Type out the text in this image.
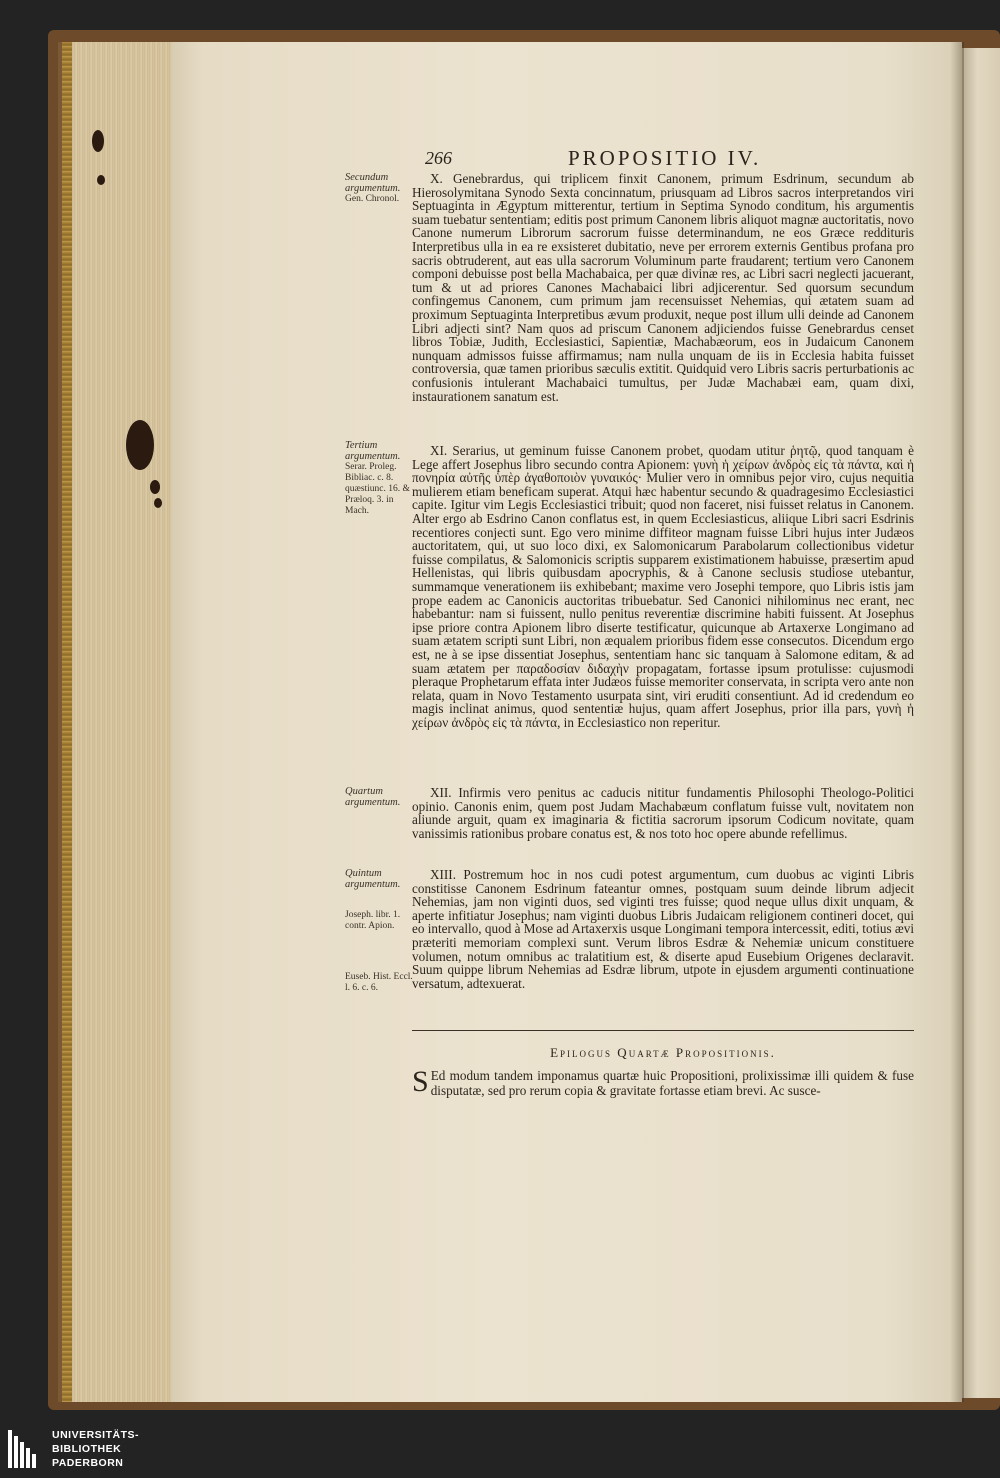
266	PROPOSITIO IV.
Secundum argumentum.
Gen. Chronol.
Tertium argumentum.
Serar. Proleg. Bibliac. c. 8. quæstiunc. 16. & Præloq. 3. in Mach.
Quartum argumentum.
Quintum argumentum.
Joseph. libr. 1. contr. Apion.
Euseb. Hist. Eccl. l. 6. c. 6.

X. Genebrardus, qui triplicem finxit Canonem, primum Esdrinum, secundum ab Hierosolymitana Synodo Sexta concinnatum, priusquam ad Libros sacros interpretandos viri Septuaginta in Ægyptum mitterentur, tertium in Septima Synodo conditum, his argumentis suam tuebatur sententiam; editis post primum Canonem libris aliquot magnæ auctoritatis, novo Canone numerum Librorum sacrorum fuisse determinandum, ne eos Græce reddituris Interpretibus ulla in ea re exsisteret dubitatio, neve per errorem externis Gentibus profana pro sacris obtruderent, aut eas ulla sacrorum Voluminum parte fraudarent; tertium vero Canonem componi debuisse post bella Machabaica, per quæ divinæ res, ac Libri sacri neglecti jacuerant, tum & ut ad priores Canones Machabaici libri adjicerentur. Sed quorsum secundum confingemus Canonem, cum primum jam recensuisset Nehemias, qui ætatem suam ad proximum Septuaginta Interpretibus ævum produxit, neque post illum ulli deinde ad Canonem Libri adjecti sint? Nam quos ad priscum Canonem adjiciendos fuisse Genebrardus censet libros Tobiæ, Judith, Ecclesiastici, Sapientiæ, Machabæorum, eos in Judaicum Canonem nunquam admissos fuisse affirmamus; nam nulla unquam de iis in Ecclesia habita fuisset controversia, quæ tamen prioribus sæculis extitit. Quidquid vero Libris sacris perturbationis ac confusionis intulerant Machabaici tumultus, per Judæ Machabæi eam, quam dixi, instaurationem sanatum est.

XI. Serarius, ut geminum fuisse Canonem probet, quodam utitur ῥητῷ, quod tanquam è Lege affert Josephus libro secundo contra Apionem: γυνὴ ἡ χείρων ἀνδρὸς εἰς τὰ πάντα, καὶ ἡ πονηρία αὐτῆς ὑπὲρ ἀγαθοποιὸν γυναικός· Mulier vero in omnibus pejor viro, cujus nequitia mulierem etiam beneficam superat. Atqui hæc habentur secundo & quadragesimo Ecclesiastici capite. Igitur vim Legis Ecclesiastici tribuit; quod non faceret, nisi fuisset relatus in Canonem. Alter ergo ab Esdrino Canon conflatus est, in quem Ecclesiasticus, aliique Libri sacri Esdrinis recentiores conjecti sunt. Ego vero minime diffiteor magnam fuisse Libri hujus inter Judæos auctoritatem, qui, ut suo loco dixi, ex Salomonicarum Parabolarum collectionibus videtur fuisse compilatus, & Salomonicis scriptis supparem existimationem habuisse, præsertim apud Hellenistas, qui libris quibusdam apocryphis, & à Canone seclusis studiose utebantur, summamque venerationem iis exhibebant; maxime vero Josephi tempore, quo Libris istis jam prope eadem ac Canonicis auctoritas tribuebatur. Sed Canonici nihilominus nec erant, nec habebantur: nam si fuissent, nullo penitus reverentiæ discrimine habiti fuissent. At Josephus ipse priore contra Apionem libro diserte testificatur, quicunque ab Artaxerxe Longimano ad suam ætatem scripti sunt Libri, non æqualem prioribus fidem esse consecutos. Dicendum ergo est, ne à se ipse dissentiat Josephus, sententiam hanc sic tanquam à Salomone editam, & ad suam ætatem per παραδοσίαν διδαχὴν propagatam, fortasse ipsum protulisse: cujusmodi pleraque Prophetarum effata inter Judæos fuisse memoriter conservata, in scripta vero ante non relata, quam in Novo Testamento usurpata sint, viri eruditi consentiunt. Ad id credendum eo magis inclinat animus, quod sententiæ hujus, quam affert Josephus, prior illa pars, γυνὴ ἡ χείρων ἀνδρὸς εἰς τὰ πάντα, in Ecclesiastico non reperitur.

XII. Infirmis vero penitus ac caducis nititur fundamentis Philosophi Theologo-Politici opinio. Canonis enim, quem post Judam Machabæum conflatum fuisse vult, novitatem non aliunde arguit, quam ex imaginaria & fictitia sacrorum ipsorum Codicum novitate, quam vanissimis rationibus probare conatus est, & nos toto hoc opere abunde refellimus.

XIII. Postremum hoc in nos cudi potest argumentum, cum duobus ac viginti Libris constitisse Canonem Esdrinum fateantur omnes, postquam suum deinde librum adjecit Nehemias, jam non viginti duos, sed viginti tres fuisse; quod neque ullus dixit unquam, & aperte infitiatur Josephus; nam viginti duobus Libris Judaicam religionem contineri docet, qui eo intervallo, quod à Mose ad Artaxerxis usque Longimani tempora intercessit, editi, totius ævi præteriti memoriam complexi sunt. Verum libros Esdræ & Nehemiæ unicum constituere volumen, notum omnibus ac tralatitium est, & diserte apud Eusebium Origenes declaravit. Suum quippe librum Nehemias ad Esdræ librum, utpote in ejusdem argumenti continuatione versatum, adtexuerat.

Epilogus Quartæ Propositionis.
S Ed modum tandem imponamus quartæ huic Propositioni, prolixissimæ illi quidem & fuse disputatæ, sed pro rerum copia & gravitate fortasse etiam brevi. Ac susce-
UNIVERSITÄTS-
BIBLIOTHEK
PADERBORN
